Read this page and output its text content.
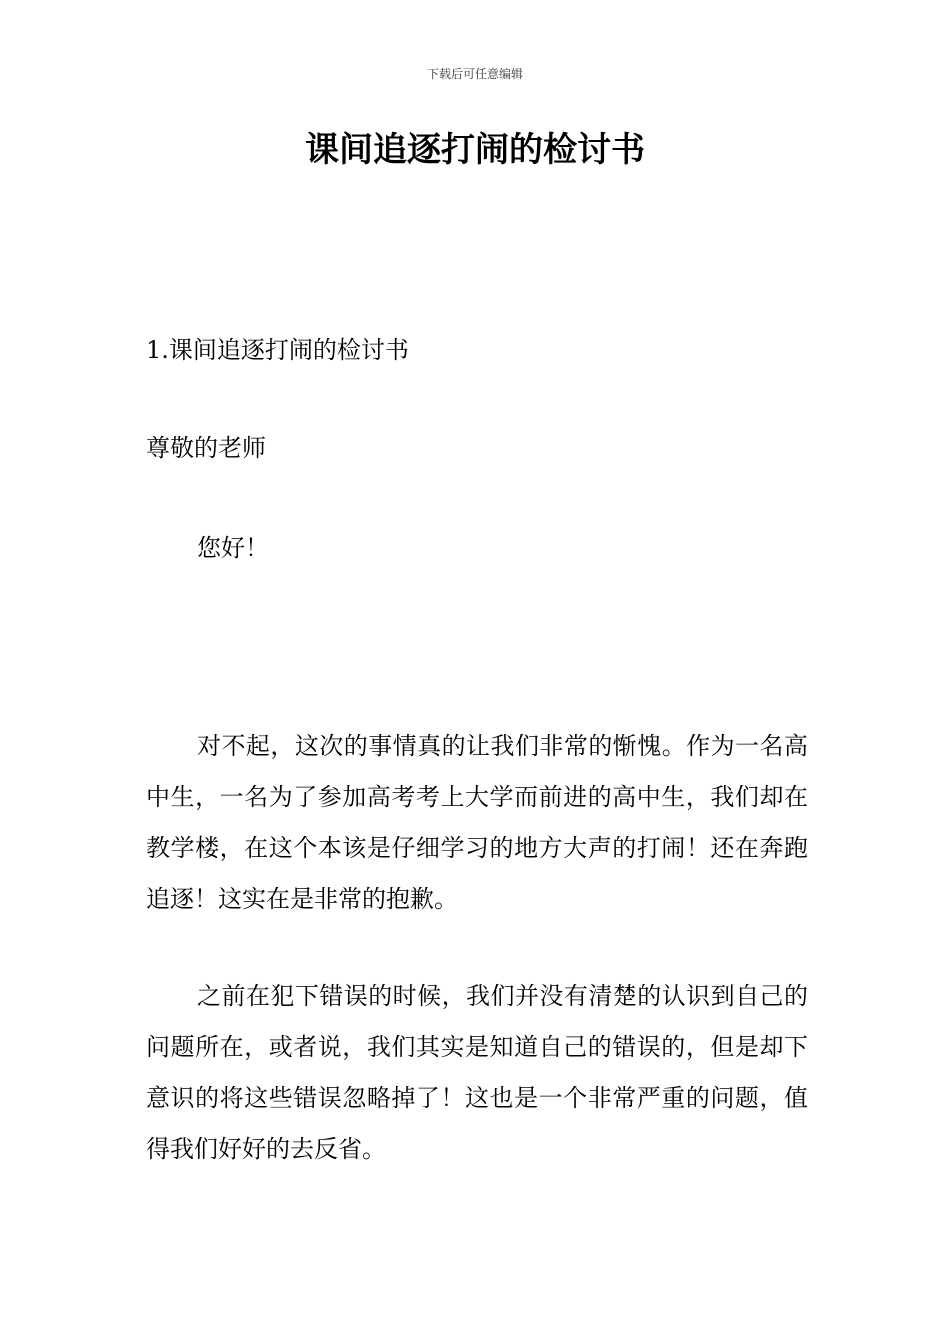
下载后可任意编辑
课间追逐打闹的检讨书
1.课间追逐打闹的检讨书

尊敬的老师

您好！

对不起，这次的事情真的让我们非常的惭愧。作为一名高中生，一名为了参加高考考上大学而前进的高中生，我们却在教学楼，在这个本该是仔细学习的地方大声的打闹！还在奔跑追逐！这实在是非常的抱歉。

之前在犯下错误的时候，我们并没有清楚的认识到自己的问题所在，或者说，我们其实是知道自己的错误的，但是却下意识的将这些错误忽略掉了！这也是一个非常严重的问题，值得我们好好的去反省。
